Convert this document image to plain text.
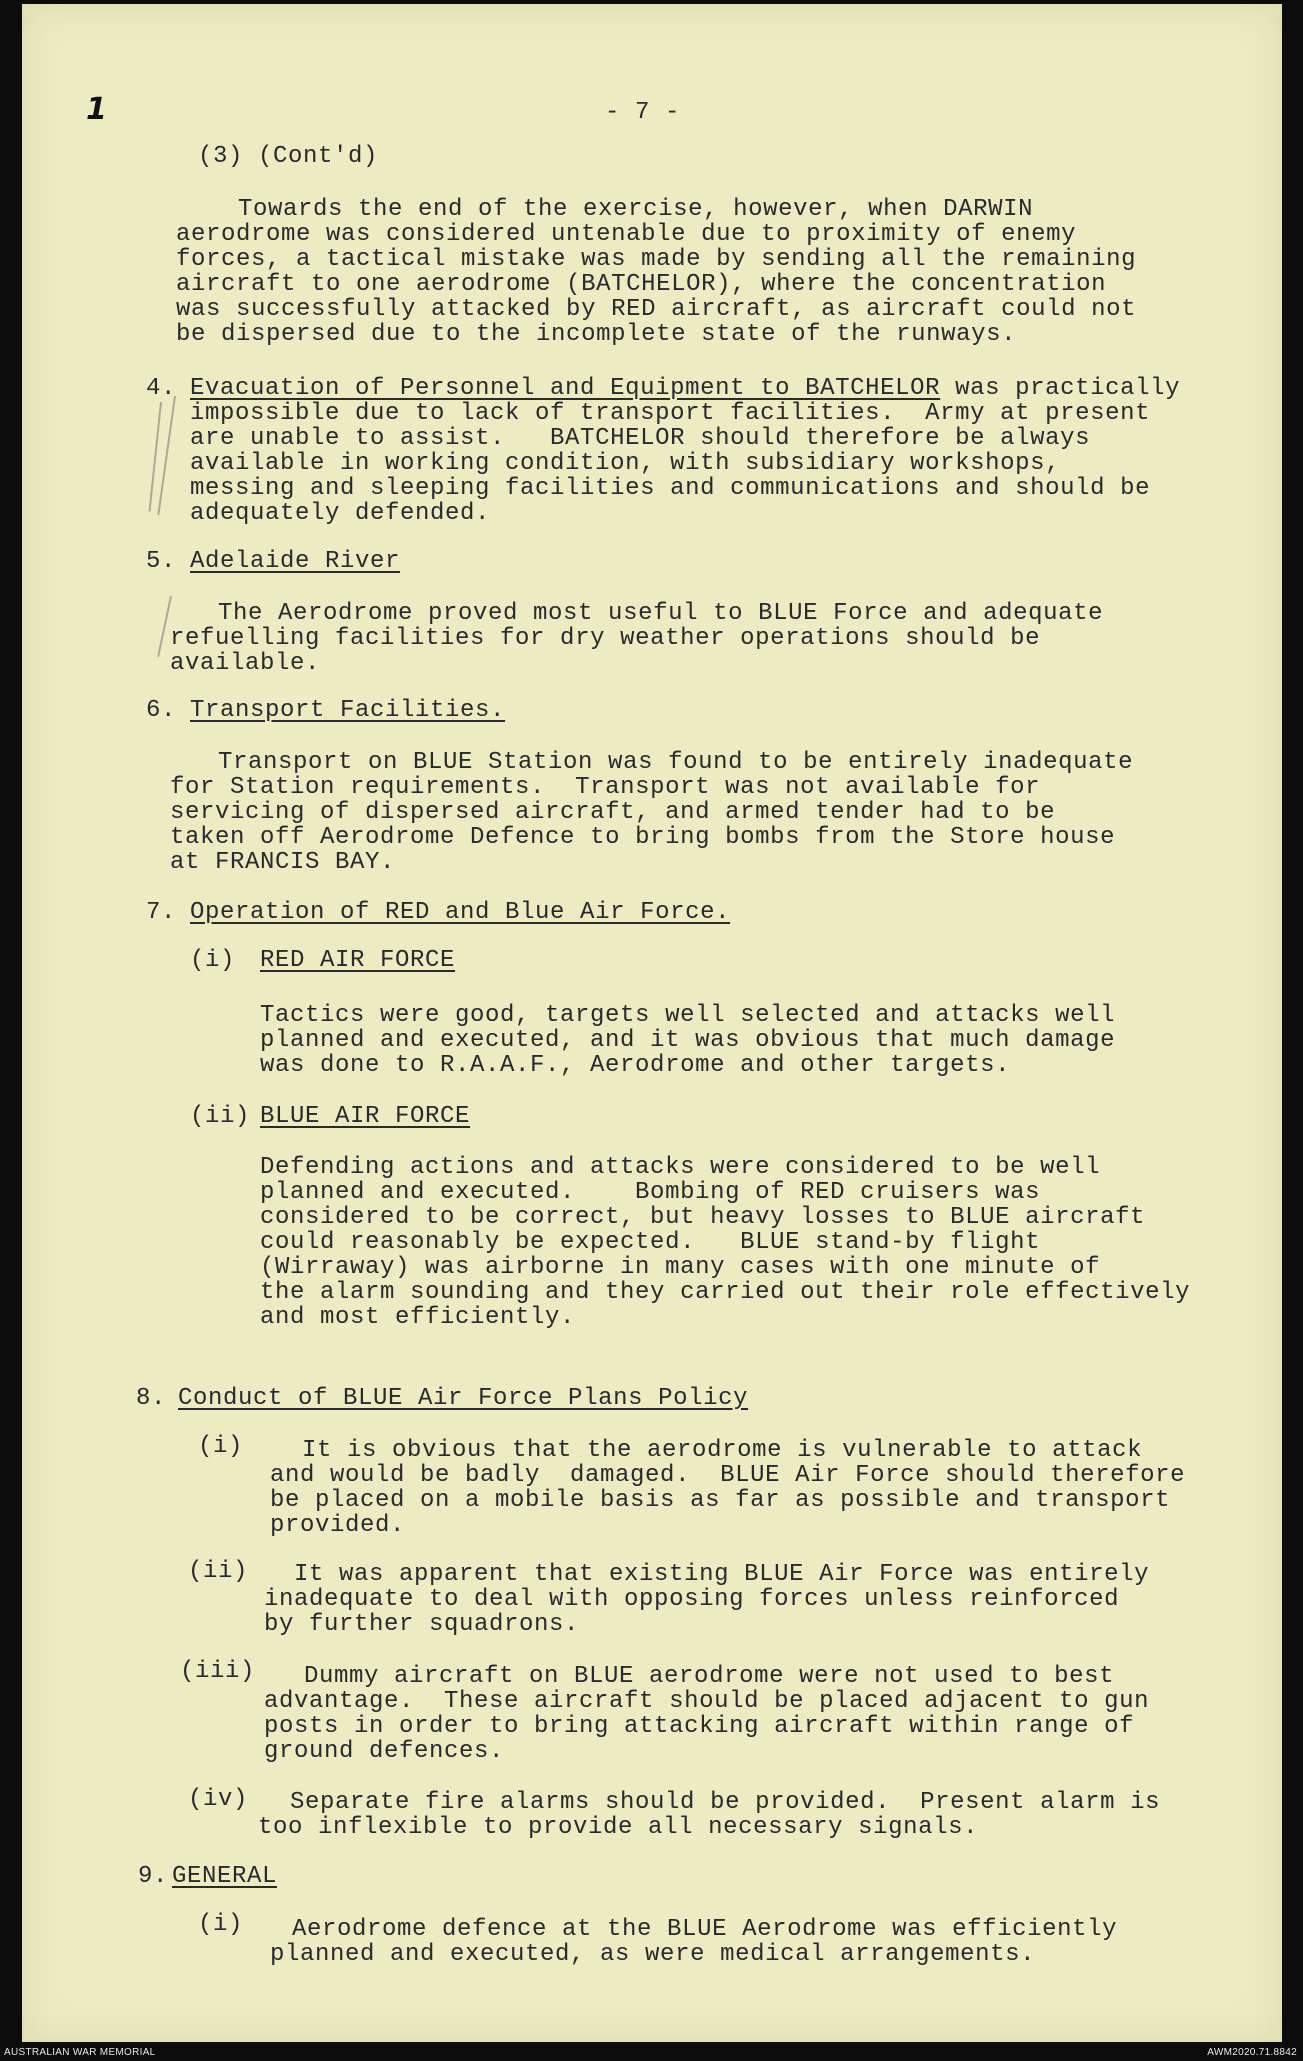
1	- 7 -
(3) (Cont'd)
Towards the end of the exercise, however, when DARWIN
aerodrome was considered untenable due to proximity of enemy
forces, a tactical mistake was made by sending all the remaining
aircraft to one aerodrome (BATCHELOR), where the concentration
was successfully attacked by RED aircraft, as aircraft could not
be dispersed due to the incomplete state of the runways.
4. Evacuation of Personnel and Equipment to BATCHELOR was practically
impossible due to lack of transport facilities.  Army at present
are unable to assist.   BATCHELOR should therefore be always
available in working condition, with subsidiary workshops,
messing and sleeping facilities and communications and should be
adequately defended.
5. Adelaide River
The Aerodrome proved most useful to BLUE Force and adequate
refuelling facilities for dry weather operations should be
available.
6. Transport Facilities.
Transport on BLUE Station was found to be entirely inadequate
for Station requirements.  Transport was not available for
servicing of dispersed aircraft, and armed tender had to be
taken off Aerodrome Defence to bring bombs from the Store house
at FRANCIS BAY.
7. Operation of RED and Blue Air Force.
(i) RED AIR FORCE
Tactics were good, targets well selected and attacks well
planned and executed, and it was obvious that much damage
was done to R.A.A.F., Aerodrome and other targets.
(ii) BLUE AIR FORCE
Defending actions and attacks were considered to be well
planned and executed.    Bombing of RED cruisers was
considered to be correct, but heavy losses to BLUE aircraft
could reasonably be expected.   BLUE stand-by flight
(Wirraway) was airborne in many cases with one minute of
the alarm sounding and they carried out their role effectively
and most efficiently.
8. Conduct of BLUE Air Force Plans Policy
(i) It is obvious that the aerodrome is vulnerable to attack
and would be badly  damaged.  BLUE Air Force should therefore
be placed on a mobile basis as far as possible and transport
provided.
(ii) It was apparent that existing BLUE Air Force was entirely
inadequate to deal with opposing forces unless reinforced
by further squadrons.
(iii) Dummy aircraft on BLUE aerodrome were not used to best
advantage.  These aircraft should be placed adjacent to gun
posts in order to bring attacking aircraft within range of
ground defences.
(iv) Separate fire alarms should be provided.  Present alarm is
too inflexible to provide all necessary signals.
9. GENERAL
(i) Aerodrome defence at the BLUE Aerodrome was efficiently
planned and executed, as were medical arrangements.
AUSTRALIAN WAR MEMORIAL	AWM2020.71.8842
